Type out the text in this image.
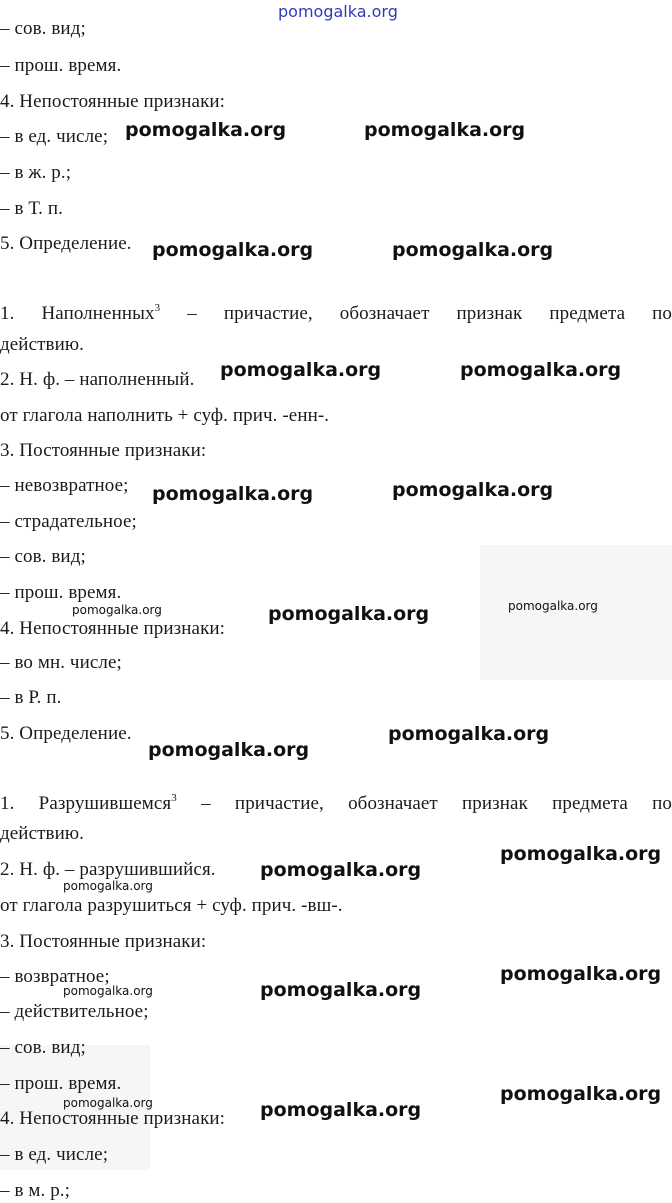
pomogalka.org
– сов. вид;
– прош. время.
4. Непостоянные признаки:
– в ед. числе;
– в ж. р.;
– в Т. п.
5. Определение.
1. Наполненных$^3$ – причастие, обозначает признак предмета по
действию.
2. Н. ф. – наполненный.
от глагола наполнить + суф. прич. -енн-.
3. Постоянные признаки:
– невозвратное;
– страдательное;
– сов. вид;
– прош. время.
4. Непостоянные признаки:
– во мн. числе;
– в Р. п.
5. Определение.
1. Разрушившемся$^3$ – причастие, обозначает признак предмета по
действию.
2. Н. ф. – разрушившийся.
от глагола разрушиться + суф. прич. -вш-.
3. Постоянные признаки:
– возвратное;
– действительное;
– сов. вид;
– прош. время.
4. Непостоянные признаки:
– в ед. числе;
– в м. р.;
pomogalka.org	pomogalka.org
pomogalka.org	pomogalka.org
pomogalka.org	pomogalka.org
pomogalka.org	pomogalka.org
pomogalka.org
pomogalka.org
pomogalka.org
pomogalka.org
pomogalka.org
pomogalka.org
pomogalka.org
pomogalka.org
pomogalka.org
pomogalka.org	pomogalka.org
pomogalka.org
pomogalka.org
pomogalka.org
